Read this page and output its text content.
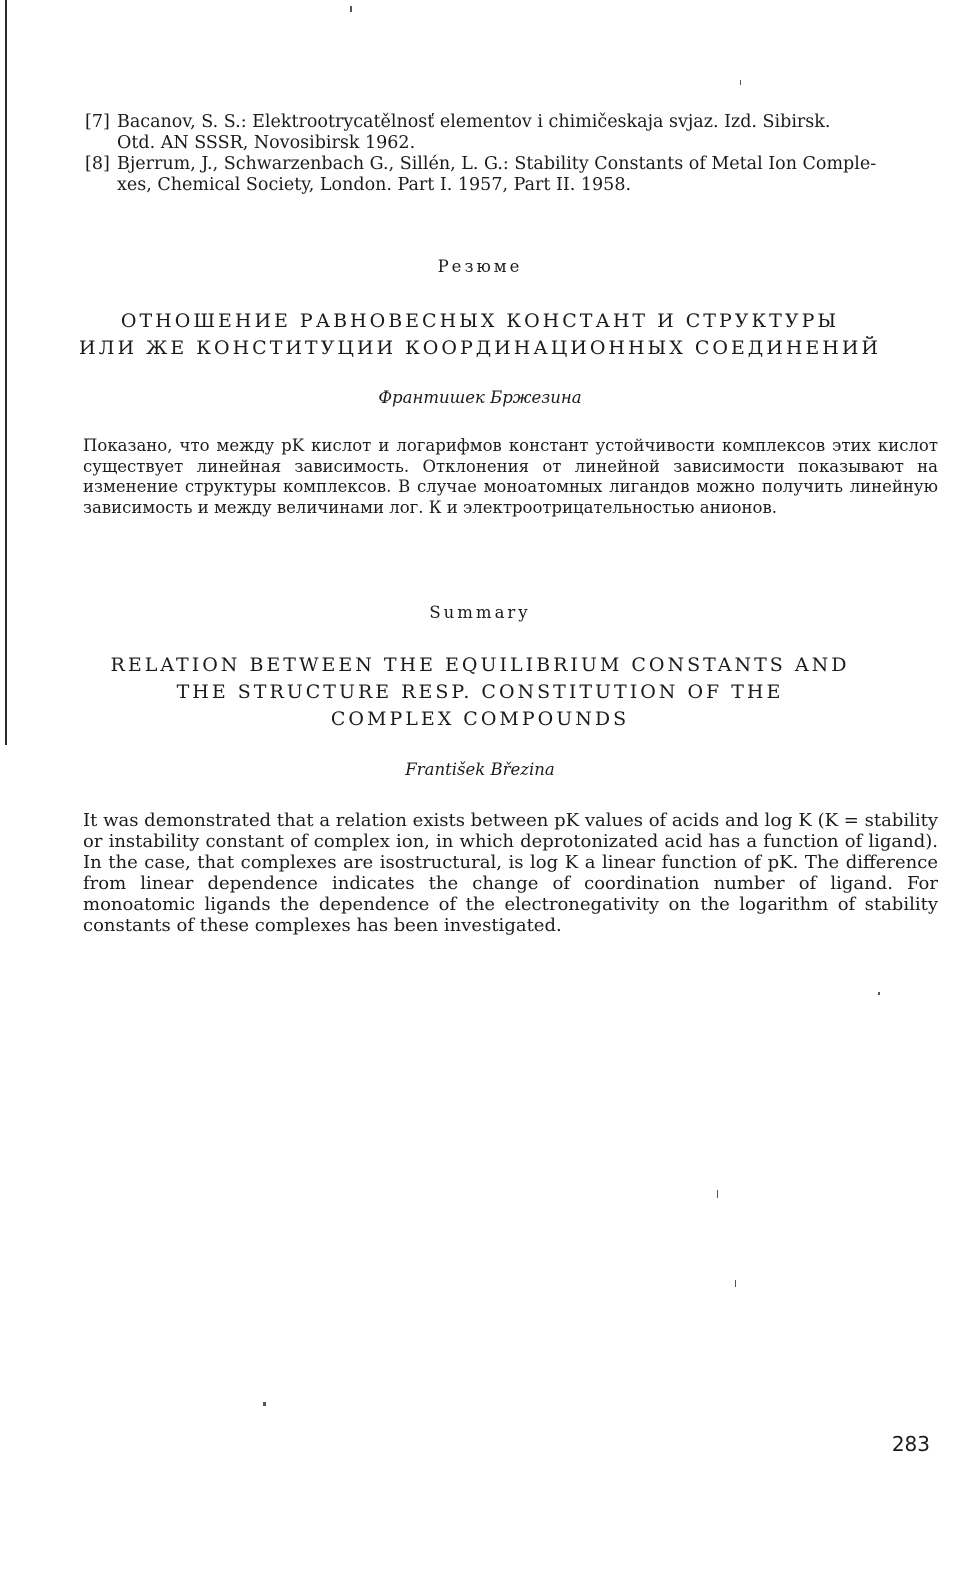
[7] Bacanov, S. S.: Elektrootrycatělnosť elementov i chimičeskaja svjaz. Izd. Sibirsk.
Otd. AN SSSR, Novosibirsk 1962.

[8] Bjerrum, J., Schwarzenbach G., Sillén, L. G.: Stability Constants of Metal Ion Comple-
xes, Chemical Society, London. Part I. 1957, Part II. 1958.

Резюме
ОТНОШЕНИЕ РАВНОВЕСНЫХ КОНСТАНТ И СТРУКТУРЫ
ИЛИ ЖЕ КОНСТИТУЦИИ КООРДИНАЦИОННЫХ СОЕДИНЕНИЙ
Франтишек Бржезина
Показано, что между pK кислот и логарифмов констант устойчивости комплексов этих кислот существует линейная зависимость. Отклонения от линейной зависимости показывают на изменение структуры комплексов. В случае моноатомных лигандов можно получить линейную зависимость и между величинами лог. К и электроотрицательностью анионов.
Summary
RELATION BETWEEN THE EQUILIBRIUM CONSTANTS AND
THE STRUCTURE RESP. CONSTITUTION OF THE
COMPLEX COMPOUNDS
František Březina
It was demonstrated that a relation exists between pK values of acids and log K (K = stability or instability constant of complex ion, in which deprotonizated acid has a function of ligand). In the case, that complexes are isostructural, is log K a linear function of pK. The difference from linear dependence indicates the change of coordination number of ligand. For monoatomic ligands the dependence of the electronegativity on the logarithm of stability constants of these complexes has been investigated.
283
